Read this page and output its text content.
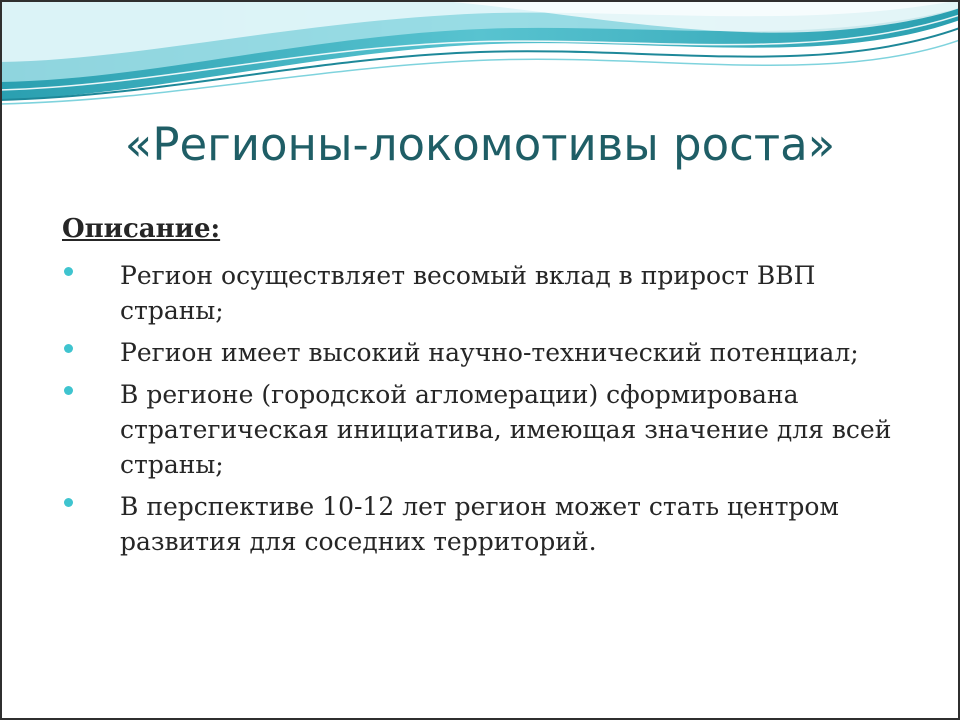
«Регионы-локомотивы роста»
Описание:
Регион осуществляет весомый вклад в прирост ВВП страны;
Регион имеет высокий научно-технический потенциал;
В регионе (городской агломерации) сформирована стратегическая инициатива, имеющая значение для всей страны;
В перспективе 10-12 лет регион может стать центром развития для соседних территорий.
